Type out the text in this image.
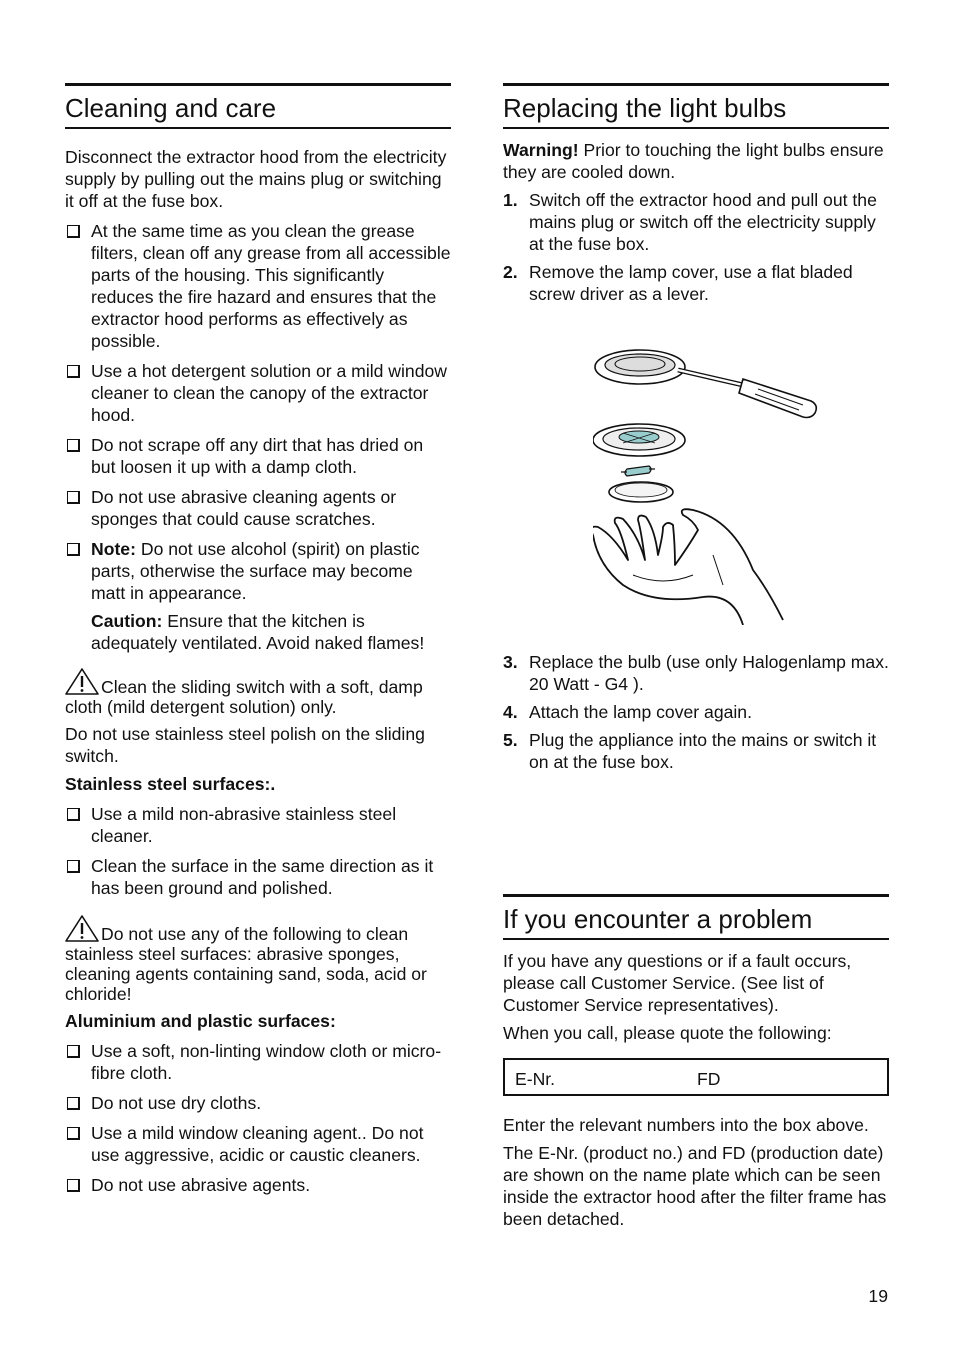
Cleaning and care

Disconnect the extractor hood from the electricity supply by pulling out the mains plug or switching it off at the fuse box.

At the same time as you clean the grease filters, clean off any grease from all accessible parts of the housing. This significantly reduces the fire hazard and ensures that the extractor hood performs as effectively as possible.
Use a hot detergent solution or a mild window cleaner to clean the canopy of the extractor hood.
Do not scrape off any dirt that has dried on but loosen it up with a damp cloth.
Do not use abrasive cleaning agents or sponges that could cause scratches.
Note: Do not use alcohol (spirit) on plastic parts, otherwise the surface may become matt in appearance.

Caution: Ensure that the kitchen is adequately ventilated. Avoid naked flames!

Clean the sliding switch with a soft, damp cloth (mild detergent solution) only.

Do not use stainless steel polish on the sliding switch.

Stainless steel surfaces:.

Use a mild non-abrasive stainless steel cleaner.
Clean the surface in the same direction as it has been ground and polished.

Do not use any of the following to clean stainless steel surfaces: abrasive sponges, cleaning agents containing sand, soda, acid or chloride!

Aluminium and plastic surfaces:

Use a soft, non-linting window cloth or micro-fibre cloth.
Do not use dry cloths.
Use a mild window cleaning agent.. Do not use aggressive, acidic or caustic cleaners.
Do not use abrasive agents.
Replacing the light bulbs

Warning! Prior to touching the light bulbs ensure they are cooled down.

1. Switch off the extractor hood and pull out the mains plug or switch off the electricity supply at the fuse box.
2. Remove the lamp cover, use a flat bladed screw driver as a lever.
3. Replace the bulb (use only Halogenlamp max. 20 Watt - G4 ).
4. Attach the lamp cover again.
5. Plug the appliance into the mains or switch it on at the fuse box.
If you encounter a problem

If you have any questions or if a fault occurs, please call Customer Service. (See list of Customer Service representatives).

When you call, please quote the following:

E-Nr.	FD

Enter the relevant numbers into the box above.

The E-Nr. (product no.) and FD (production date) are shown on the name plate which can be seen inside the extractor hood after the filter frame has been detached.

19
